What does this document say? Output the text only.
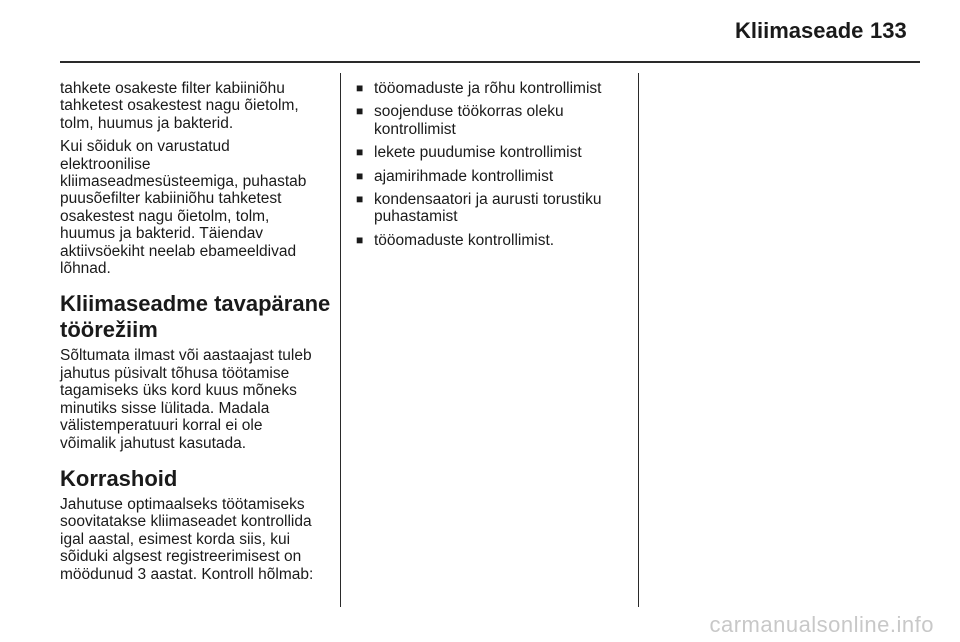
Kliimaseade 133

tahkete osakeste filter kabiiniõhu
tahketest osakestest nagu õietolm,
tolm, huumus ja bakterid.

Kui sõiduk on varustatud
elektroonilise
kliimaseadmesüsteemiga, puhastab
puusõefilter kabiiniõhu tahketest
osakestest nagu õietolm, tolm,
huumus ja bakterid. Täiendav
aktiivsöekiht neelab ebameeldivad
lõhnad.

Kliimaseadme tavapärane
töörežiim

Sõltumata ilmast või aastaajast tuleb
jahutus püsivalt tõhusa töötamise
tagamiseks üks kord kuus mõneks
minutiks sisse lülitada. Madala
välistemperatuuri korral ei ole
võimalik jahutust kasutada.

Korrashoid

Jahutuse optimaalseks töötamiseks
soovitatakse kliimaseadet kontrollida
igal aastal, esimest korda siis, kui
sõiduki algsest registreerimisest on
möödunud 3 aastat. Kontroll hõlmab:

■ tööomaduste ja rõhu kontrollimist
■ soojenduse töökorras oleku
kontrollimist
■ lekete puudumise kontrollimist
■ ajamirihmade kontrollimist
■ kondensaatori ja aurusti torustiku
puhastamist
■ tööomaduste kontrollimist.
carmanualsonline.info
